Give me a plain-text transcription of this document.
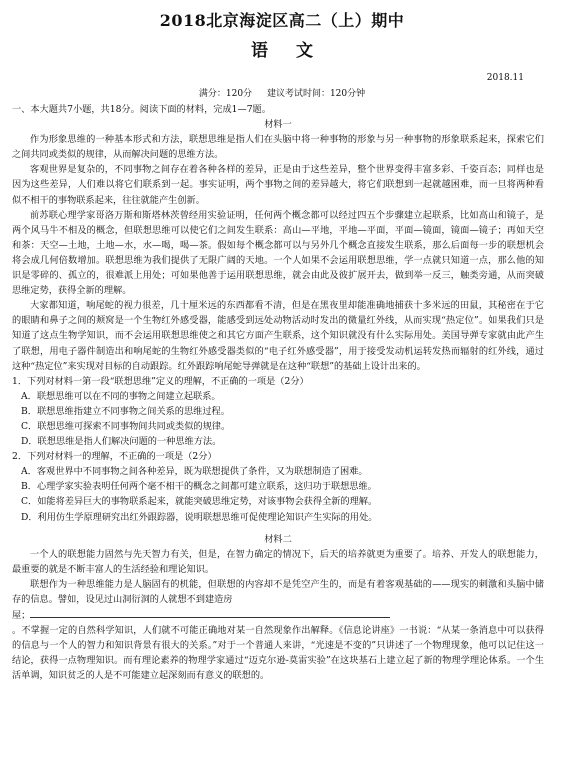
2018北京海淀区高二（上）期中
语文
2018.11
满分：120分 建议考试时间：120分钟

一、本大题共7小题，共18分。阅读下面的材料，完成1—7题。

材料一

作为形象思维的一种基本形式和方法，联想思维是指人们在头脑中将一种事物的形象与另一种事物的形象联系起来，探索它们之间共同或类似的规律，从而解决问题的思维方法。

客观世界是复杂的，不同事物之间存在着各种各样的差异，正是由于这些差异，整个世界变得丰富多彩、千姿百态；同样也是因为这些差异，人们难以将它们联系到一起。事实证明，两个事物之间的差异越大，将它们联想到一起就越困难，而一旦将两种看似不相干的事物联系起来，往往就能产生创新。

前苏联心理学家哥洛万斯和斯塔林茨曾经用实验证明，任何两个概念都可以经过四五个步骤建立起联系，比如高山和镜子，是两个风马牛不相及的概念，但联想思维可以使它们之间发生联系：高山—平地，平地—平面，平面—镜面，镜面—镜子；再如天空和茶：天空—土地，土地—水，水—喝，喝—茶。假如每个概念都可以与另外几个概念直接发生联系，那么后面每一步的联想机会将会成几何倍数增加。联想思维为我们提供了无限广阔的天地。一个人如果不会运用联想思维，学一点就只知道一点，那么他的知识是零碎的、孤立的，很难派上用处；可如果他善于运用联想思维，就会由此及彼扩展开去，做到举一反三，触类旁通，从而突破思维定势，获得全新的理解。

大家都知道，响尾蛇的视力很差，几十厘米远的东西都看不清，但是在黑夜里却能准确地捕获十多米远的田鼠，其秘密在于它的眼睛和鼻子之间的颊窝是一个生物红外感受器，能感受到远处动物活动时发出的微量红外线，从而实现“热定位”。如果我们只是知道了这点生物学知识，而不会运用联想思维使之和其它方面产生联系，这个知识就没有什么实际用处。美国导弹专家就由此产生了联想，用电子器件制造出和响尾蛇的生物红外感受器类似的“电子红外感受器”，用于接受发动机运转发热而辐射的红外线，通过这种“热定位”来实现对目标的自动跟踪。红外跟踪响尾蛇导弹就是在这种“联想”的基础上设计出来的。

1．下列对材料一第一段“联想思维”定义的理解，不正确的一项是（2分）

A．联想思维可以在不同的事物之间建立起联系。

B．联想思维指建立不同事物之间关系的思维过程。

C．联想思维可探索不同事物间共同或类似的规律。

D．联想思维是指人们解决问题的一种思维方法。

2．下列对材料一的理解，不正确的一项是（2分）

A．客观世界中不同事物之间各种差异，既为联想提供了条件，又为联想制造了困难。

B．心理学家实验表明任何两个毫不相干的概念之间都可建立联系，这归功于联想思维。

C．如能将差异巨大的事物联系起来，就能突破思维定势，对该事物会获得全新的理解。

D．利用仿生学原理研究出红外跟踪器，说明联想思维可促使理论知识产生实际的用处。

材料二

一个人的联想能力固然与先天智力有关，但是，在智力确定的情况下，后天的培养就更为重要了。培养、开发人的联想能力，最重要的就是不断丰富人的生活经验和理论知识。

联想作为一种思维能力是人脑固有的机能，但联想的内容却不是凭空产生的，而是有着客观基础的——现实的刺激和头脑中储存的信息。譬如，设见过山洞衍洞的人就想不到建造房

屋；

。不掌握一定的自然科学知识，人们就不可能正确地对某一自然现象作出解释。《信息论讲座》一书说：“从某一条消息中可以获得的信息与一个人的智力和知识背景有很大的关系。”对于一个普通人来讲，“光速是不变的”只讲述了一个物理现象，他可以记住这一结论，获得一点物理知识。而有理论素养的物理学家通过“迈克尔逊-莫雷实验”在这块基石上建立起了新的物理学理论体系。一个生活单调，知识贫乏的人是不可能建立起深刻而有意义的联想的。
